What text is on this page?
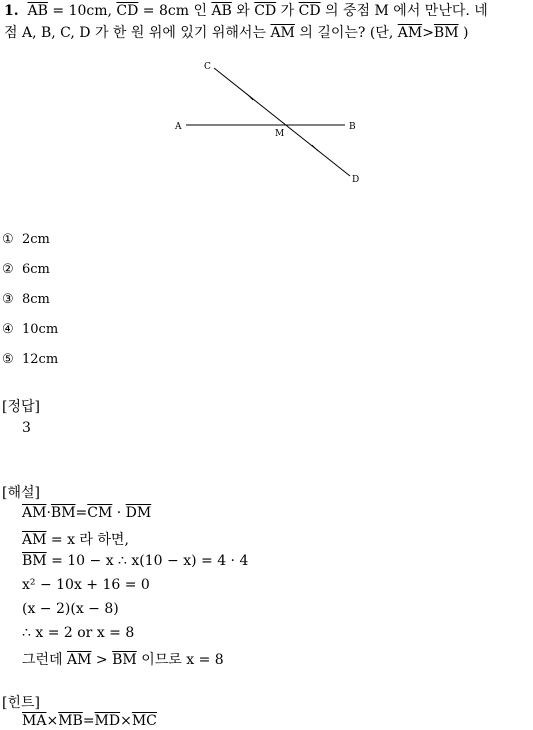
1. $\overline{AB} = 10cm$, $\overline{CD} = 8cm$ 인 $\overline{AB}$ 와 $\overline{CD}$ 가 $\overline{CD}$ 의 중점 M 에서 만난다. 네
점 A, B, C, D 가 한 원 위에 있기 위해서는 $\overline{AM}$ 의 길이는? (단, $\overline{AM}>\overline{BM}$ )
A	B
C
D
M
① 2cm
② 6cm
③ 8cm
④ 10cm
⑤ 12cm
[정답]
3
[해설]
$\overline{AM}\cdot\overline{BM}=\overline{CM} \cdot \overline{DM}$
$\overline{AM} = x$ 라 하면,
$\overline{BM} = 10 - x$ ∴ x(10 − x) = 4 · 4
x² − 10x + 16 = 0
(x − 2)(x − 8)
∴ x = 2 or x = 8
그런데 $\overline{AM} > \overline{BM}$ 이므로 x = 8
[힌트]
$\overline{MA}\times\overline{MB}=\overline{MD}\times\overline{MC}$
